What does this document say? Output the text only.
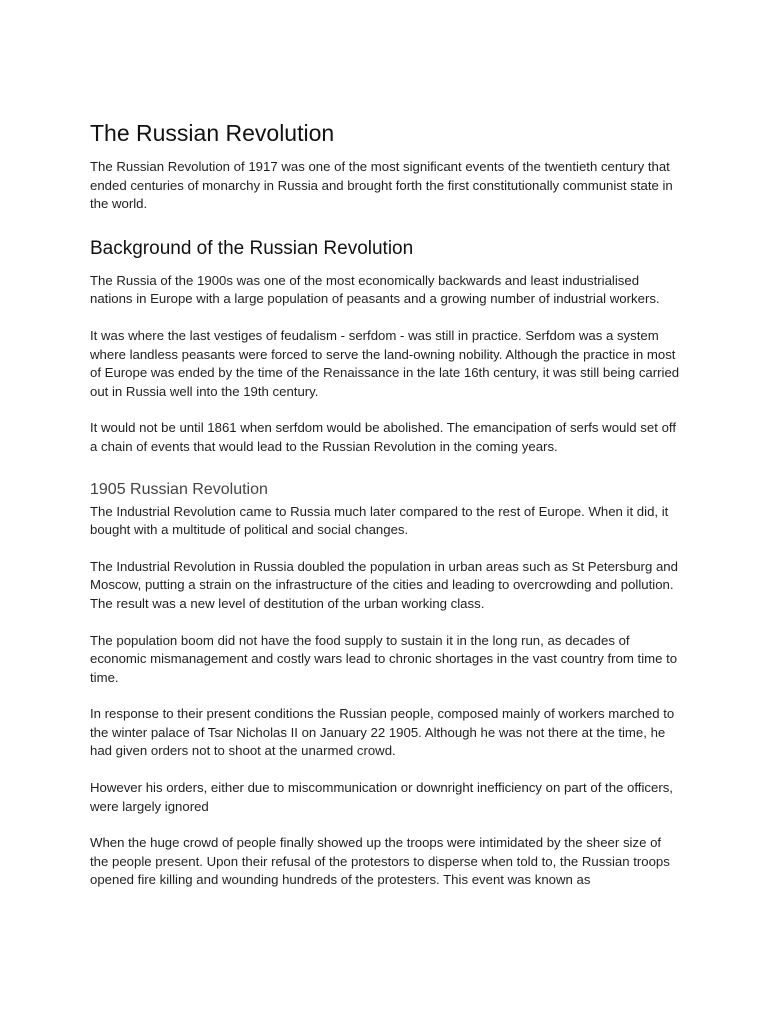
The Russian Revolution

The Russian Revolution of 1917 was one of the most significant events of the twentieth century that ended centuries of monarchy in Russia and brought forth the first constitutionally communist state in the world.

Background of the Russian Revolution

The Russia of the 1900s was one of the most economically backwards and least industrialised nations in Europe with a large population of peasants and a growing number of industrial workers.

It was where the last vestiges of feudalism - serfdom - was still in practice. Serfdom was a system where landless peasants were forced to serve the land-owning nobility. Although the practice in most of Europe was ended by the time of the Renaissance in the late 16th century, it was still being carried out in Russia well into the 19th century.

It would not be until 1861 when serfdom would be abolished. The emancipation of serfs would set off a chain of events that would lead to the Russian Revolution in the coming years.

1905 Russian Revolution

The Industrial Revolution came to Russia much later compared to the rest of Europe. When it did, it bought with a multitude of political and social changes.

The Industrial Revolution in Russia doubled the population in urban areas such as St Petersburg and Moscow, putting a strain on the infrastructure of the cities and leading to overcrowding and pollution. The result was a new level of destitution of the urban working class.

The population boom did not have the food supply to sustain it in the long run, as decades of economic mismanagement and costly wars lead to chronic shortages in the vast country from time to time.

In response to their present conditions the Russian people, composed mainly of workers marched to the winter palace of Tsar Nicholas II on January 22 1905. Although he was not there at the time, he had given orders not to shoot at the unarmed crowd.

However his orders, either due to miscommunication or downright inefficiency on part of the officers, were largely ignored

When the huge crowd of people finally showed up the troops were intimidated by the sheer size of the people present. Upon their refusal of the protestors to disperse when told to, the Russian troops opened fire killing and wounding hundreds of the protesters. This event was known as
